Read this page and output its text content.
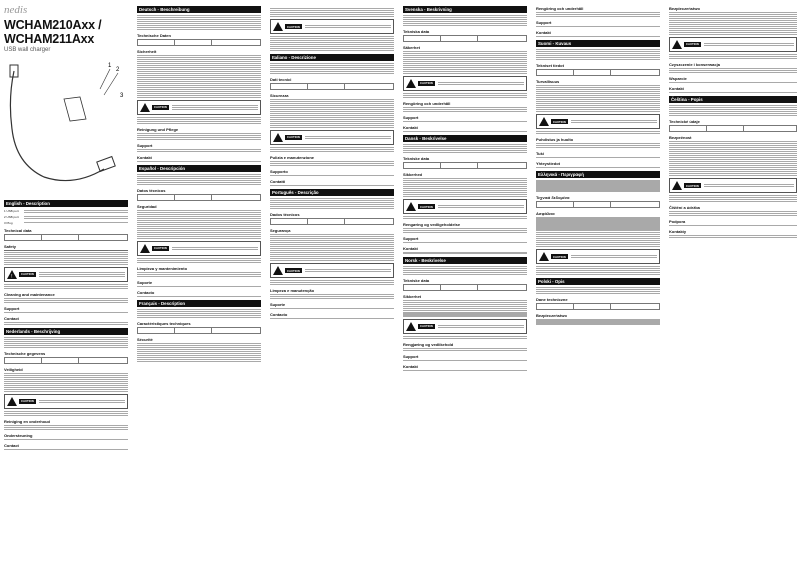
nedis
WCHAM210Axx / WCHAM211Axx
USB wall charger
1
2
3
English - Description
1 USB port
2 USB port
3 Plug
Technical data
Safety
!	CAUTION
Cleaning and maintenance
Support
Contact
Nederlands - Beschrijving
Technische gegevens
Veiligheid
CAUTION
Reiniging en onderhoud
Ondersteuning
Contact
Deutsch - Beschreibung
Technische Daten
Sicherheit
CAUTION
Reinigung und Pflege
Support
Kontakt
Español - Descripción
Datos técnicos
Seguridad
CAUTION
Limpieza y mantenimiento
Soporte
Contacto
Français - Description
Caractéristiques techniques
Sécurité
CAUTION
Italiano - Descrizione
Dati tecnici
Sicurezza
CAUTION
Pulizia e manutenzione
Supporto
Contatti
Português - Descrição
Dados técnicos
Segurança
CAUTION
Limpeza e manutenção
Suporte
Contacto
Svenska - Beskrivning
Tekniska data
Säkerhet
CAUTION
Rengöring och underhåll
Support
Kontakt
Dansk - Beskrivelse
Tekniske data
Sikkerhed
CAUTION
Rengøring og vedligeholdelse
Support
Kontakt
Norsk - Beskrivelse
Tekniske data
Sikkerhet
CAUTION
Rengjøring og vedlikehold
Support
Kontakt
Rengöring och underhåll
Support
Kontakt
Suomi - Kuvaus
Tekniset tiedot
Turvallisuus
CAUTION
Puhdistus ja huolto
Tuki
Yhteystiedot
Ελληνικά - Περιγραφή
Τεχνικά δεδομένα
Ασφάλεια
CAUTION
Polski - Opis
Dane techniczne
Bezpieczeństwo
Bezpieczeństwo
CAUTION
Czyszczenie i konserwacja
Wsparcie
Kontakt
Čeština - Popis
Technické údaje
Bezpečnost
CAUTION
Čištění a údržba
Podpora
Kontakty
